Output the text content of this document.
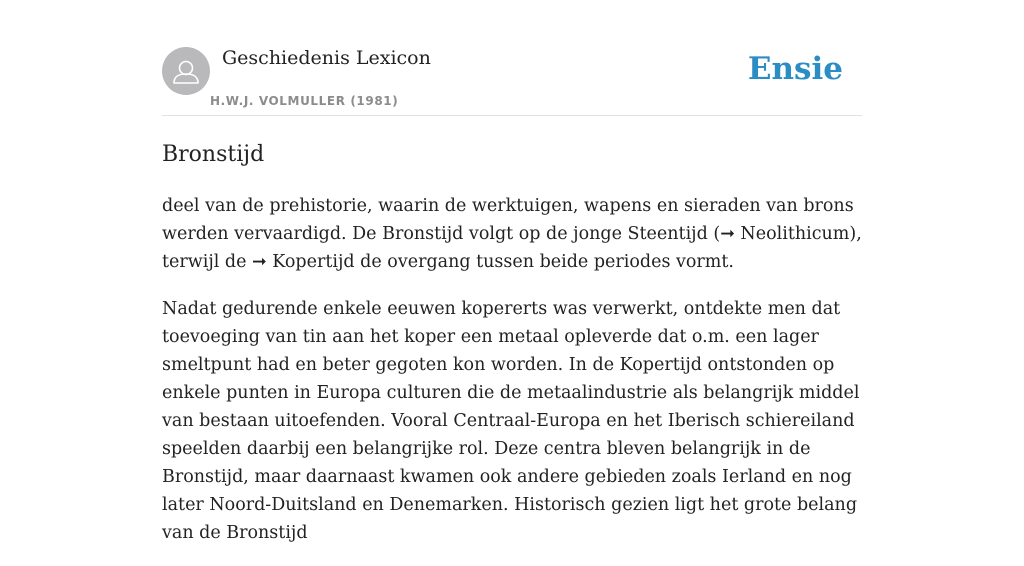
Geschiedenis Lexicon
H.W.J. VOLMULLER (1981)
Ensie
Bronstijd

deel van de prehistorie, waarin de werktuigen, wapens en sieraden van brons werden vervaardigd. De Bronstijd volgt op de jonge Steentijd (➞ Neolithicum), terwijl de ➞ Kopertijd de overgang tussen beide periodes vormt.

Nadat gedurende enkele eeuwen kopererts was verwerkt, ontdekte men dat toevoeging van tin aan het koper een metaal opleverde dat o.m. een lager smeltpunt had en beter gegoten kon worden. In de Kopertijd ontstonden op enkele punten in Europa culturen die de metaalindustrie als belangrijk middel van bestaan uitoefenden. Vooral Centraal-Europa en het Iberisch schiereiland speelden daarbij een belangrijke rol. Deze centra bleven belangrijk in de Bronstijd, maar daarnaast kwamen ook andere gebieden zoals Ierland en nog later Noord-Duitsland en Denemarken. Historisch gezien ligt het grote belang van de Bronstijd
